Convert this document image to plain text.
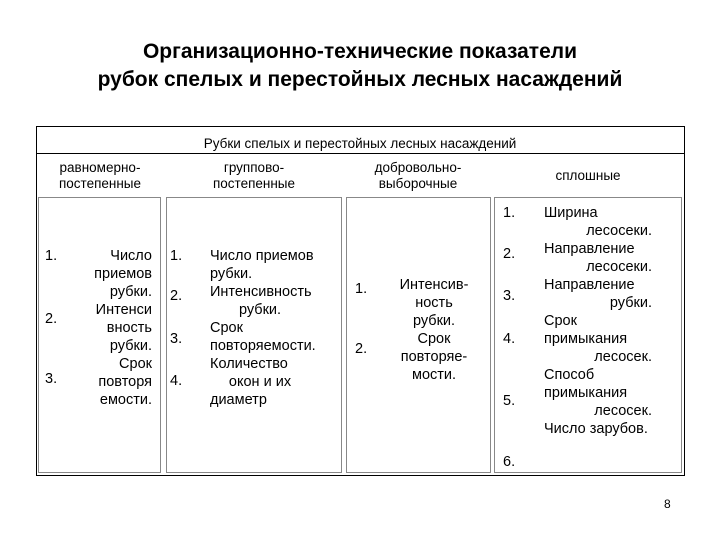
Организационно-технические показатели
рубок спелых и перестойных лесных насаждений
Рубки спелых и перестойных лесных насаждений
равномерно-
постепенные
группово-
постепенные
добровольно-
выборочные
сплошные
1.
2.
3.
Число
приемов
рубки.
Интенси
вность
рубки.
Срок
повторя
емости.
1.
2.
3.
4.
Число приемов
рубки.
Интенсивность
рубки.
Срок
повторяемости.
Количество
окон и их
диаметр
1.
2.
Интенсив-
ность
рубки.
Срок
повторяе-
мости.
1.
2.
3.
4.
5.
6.
Ширина
лесосеки.
Направление
лесосеки.
Направление
рубки.
Срок
примыкания
лесосек.
Способ
примыкания
лесосек.
Число зарубов.
8
